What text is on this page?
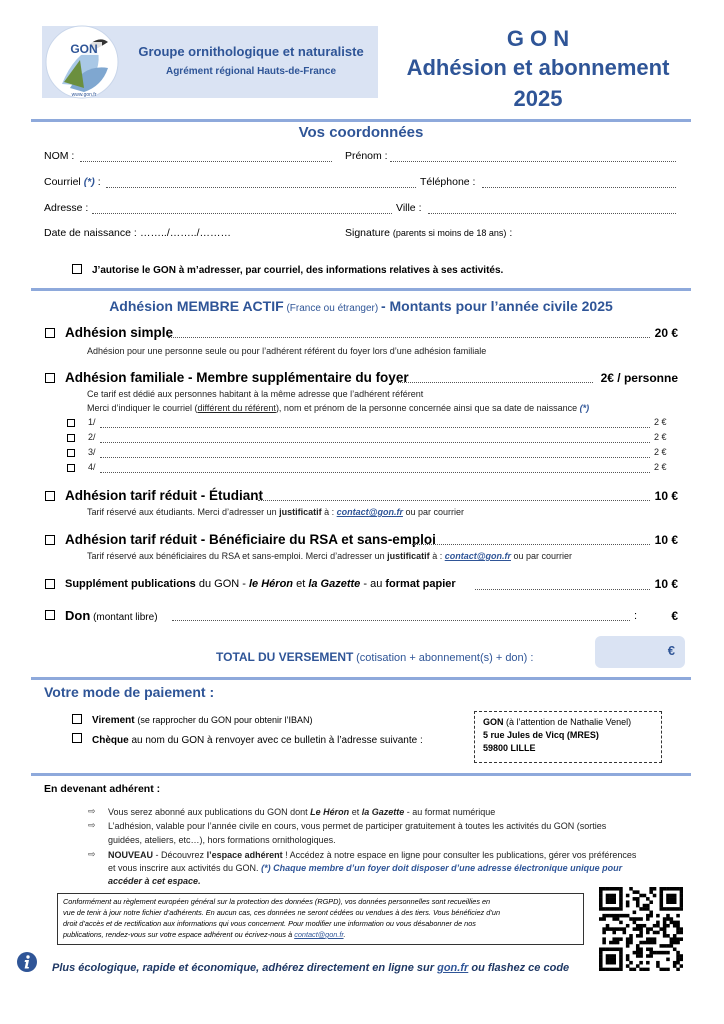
GON
www.gon.fr
Groupe ornithologique et naturaliste
Agrément régional Hauts-de-France
G O N
Adhésion et abonnement
2025
Vos coordonnées
NOM :	Prénom :
Courriel (*) :	Téléphone :
Adresse :	Ville :
Date de naissance : ……../……../………	Signature (parents si moins de 18 ans) :
J’autorise le GON à m’adresser, par courriel, des informations relatives à ses activités.
Adhésion MEMBRE ACTIF (France ou étranger) - Montants pour l’année civile 2025
Adhésion simple	20 €
Adhésion pour une personne seule ou pour l’adhérent référent du foyer lors d’une adhésion familiale
Adhésion familiale - Membre supplémentaire du foyer	2€ / personne
Ce tarif est dédié aux personnes habitant à la même adresse que l’adhérent référent
Merci d’indiquer le courriel (différent du référent), nom et prénom de la personne concernée ainsi que sa date de naissance (*)
1/	2 €
2/	2 €
3/	2 €
4/	2 €
Adhésion tarif réduit - Étudiant	10 €
Tarif réservé aux étudiants. Merci d’adresser un justificatif à : contact@gon.fr ou par courrier
Adhésion tarif réduit - Bénéficiaire du RSA et sans-emploi	10 €
Tarif réservé aux bénéficiaires du RSA et sans-emploi. Merci d’adresser un justificatif à : contact@gon.fr ou par courrier
Supplément publications du GON - le Héron et la Gazette - au format papier	10 €
Don (montant libre)	:	€
TOTAL DU VERSEMENT (cotisation + abonnement(s) + don) :	€
Votre mode de paiement :
Virement (se rapprocher du GON pour obtenir l’IBAN)
Chèque au nom du GON à renvoyer avec ce bulletin à l’adresse suivante :
GON (à l’attention de Nathalie Venel)
5 rue Jules de Vicq (MRES)
59800 LILLE
En devenant adhérent :
⇨ Vous serez abonné aux publications du GON dont Le Héron et la Gazette - au format numérique
⇨ L’adhésion, valable pour l’année civile en cours, vous permet de participer gratuitement à toutes les activités du GON (sorties
guidées, ateliers, etc…), hors formations ornithologiques.
⇨ NOUVEAU - Découvrez l’espace adhérent ! Accédez à notre espace en ligne pour consulter les publications, gérer vos préférences
et vous inscrire aux activités du GON. (*) Chaque membre d’un foyer doit disposer d’une adresse électronique unique pour
accéder à cet espace.
Conformément au règlement européen général sur la protection des données (RGPD), vos données personnelles sont recueillies en
vue de tenir à jour notre fichier d’adhérents. En aucun cas, ces données ne seront cédées ou vendues à des tiers. Vous bénéficiez d’un
droit d’accès et de rectification aux informations qui vous concernent. Pour modifier une information ou vous désabonner de nos
publications, rendez-vous sur votre espace adhérent ou écrivez-nous à contact@gon.fr.
Plus écologique, rapide et économique, adhérez directement en ligne sur gon.fr ou flashez ce code
